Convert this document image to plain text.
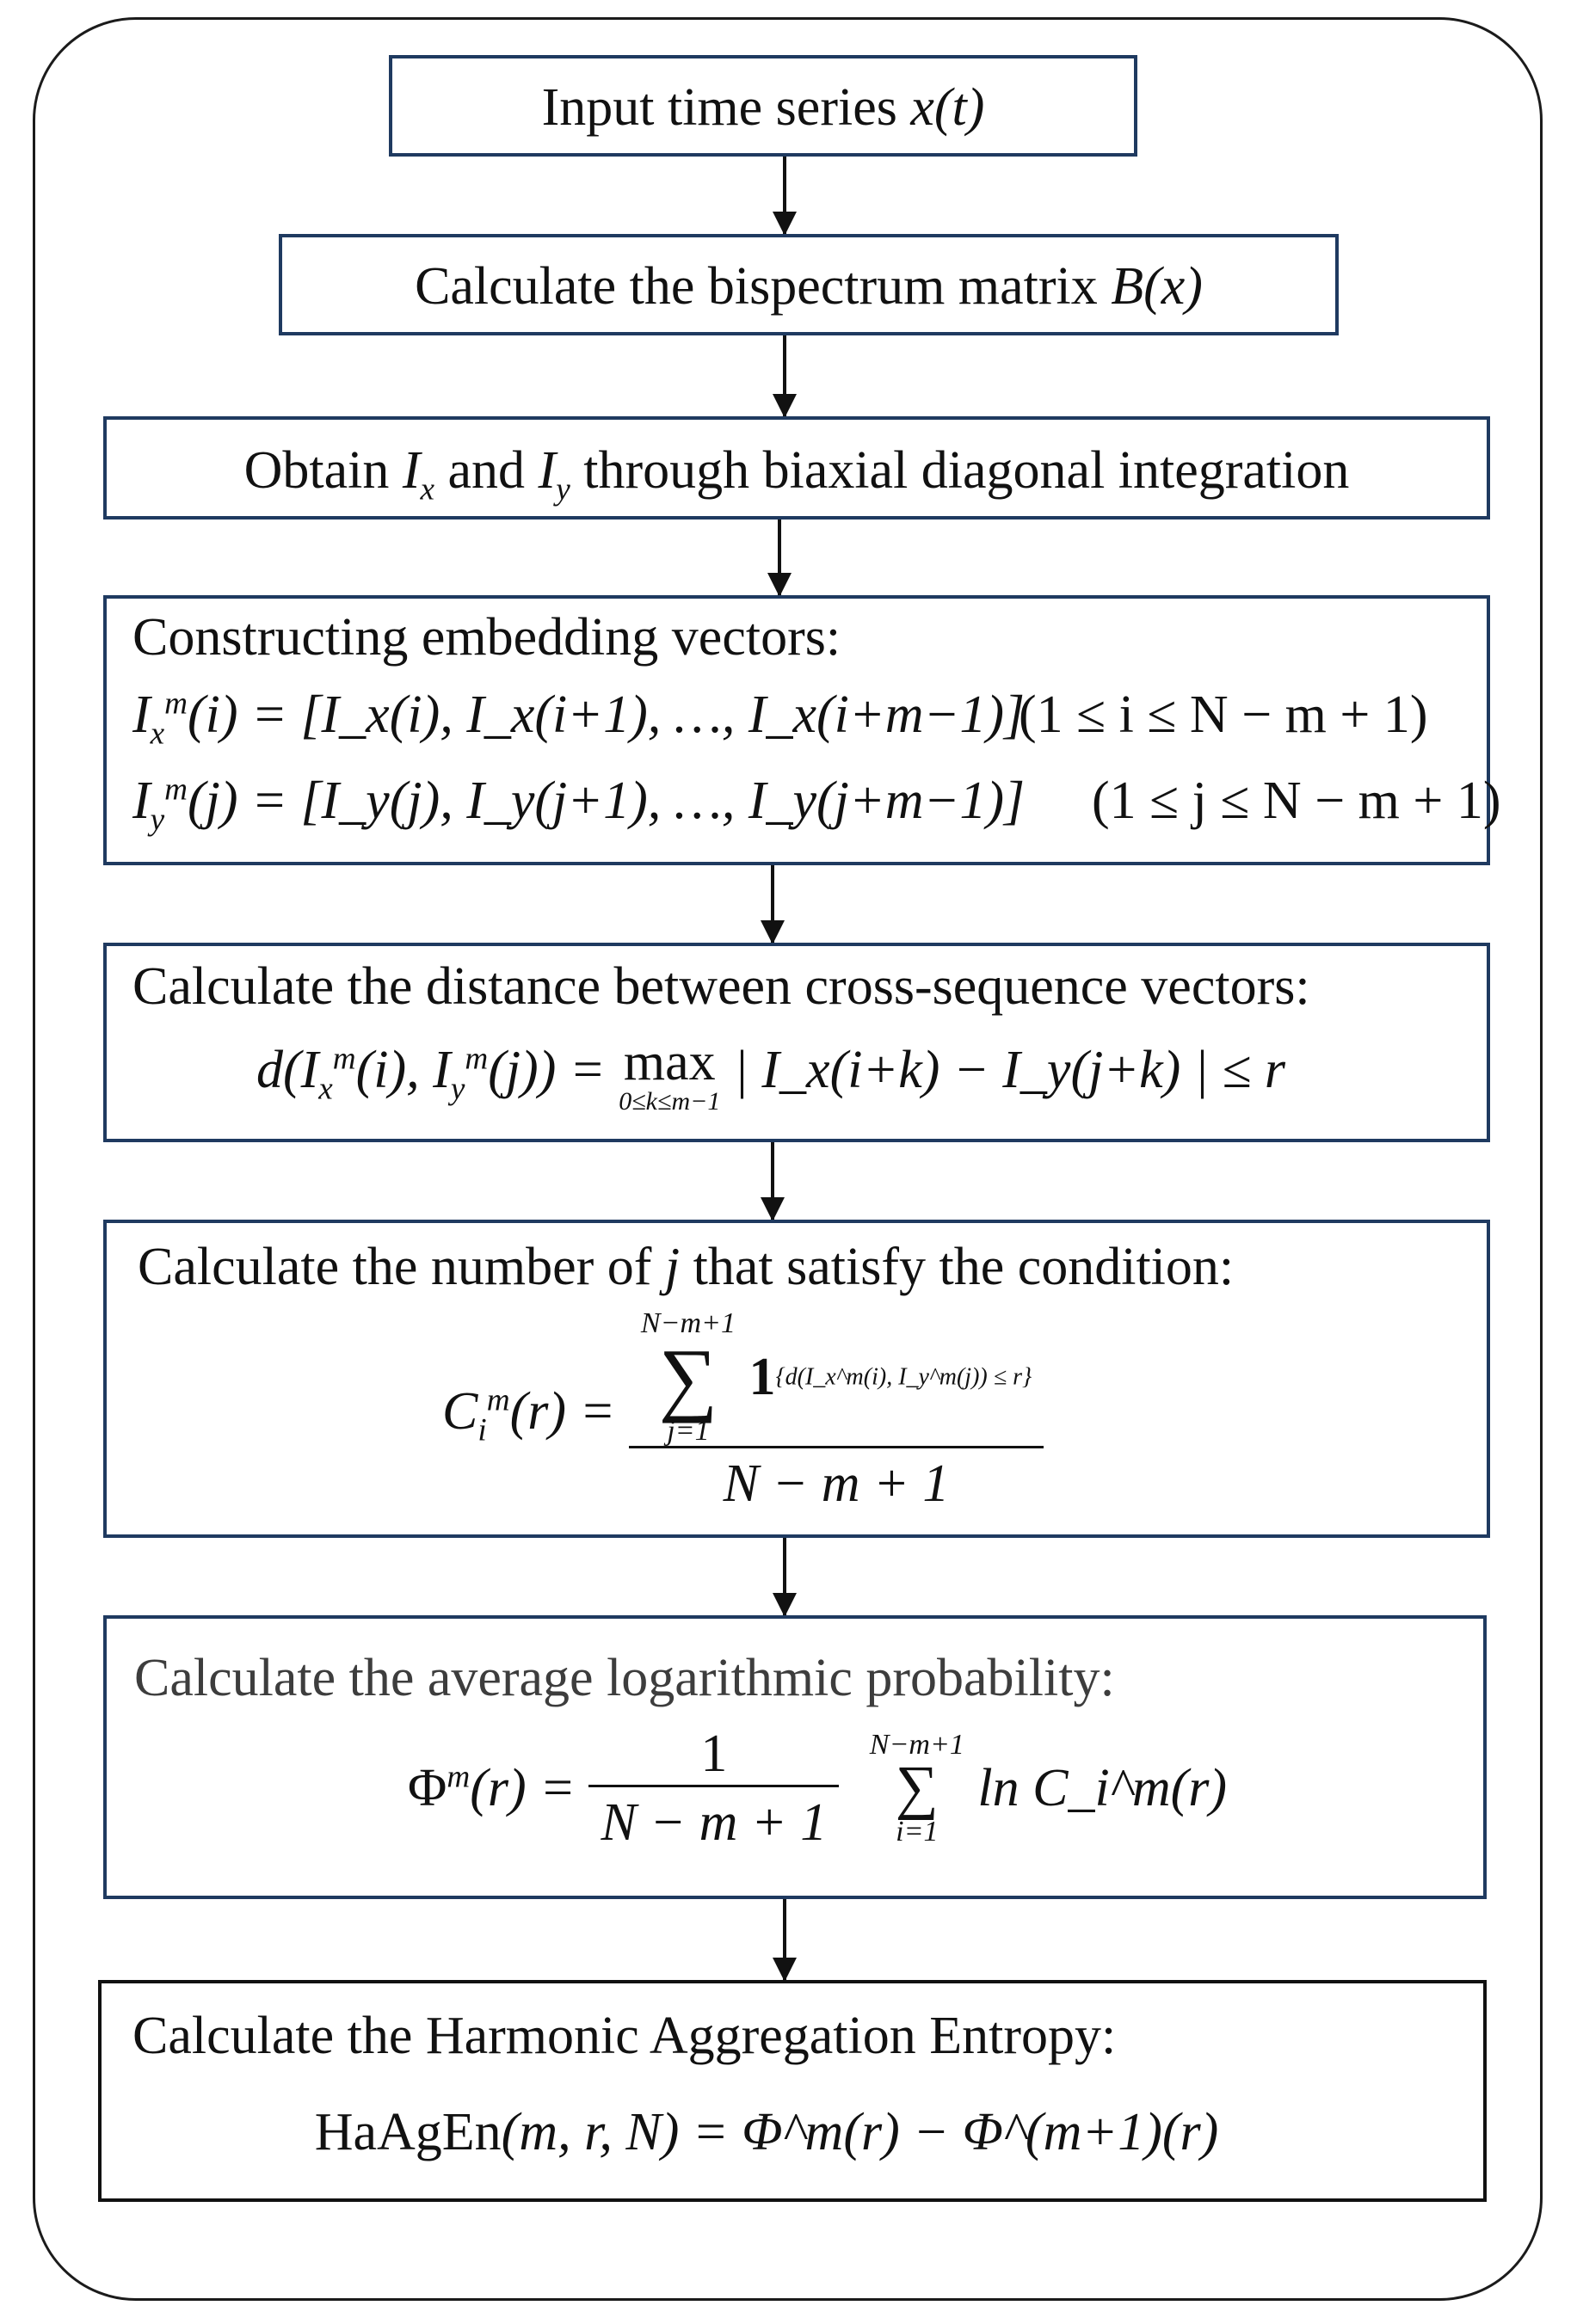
Input time series x(t)
Calculate the bispectrum matrix B(x)
Obtain $I_x$ and $I_y$ through biaxial diagonal integration
Constructing embedding vectors:
$I_x^m(i)$ = [I_x(i), I_x(i+1), …, I_x(i+m−1)]
(1 ≤ i ≤ N − m + 1)
$I_y^m(j)$ = [I_y(j), I_y(j+1), …, I_y(j+m−1)] (1 ≤ j ≤ N − m + 1)
Calculate the distance between cross-sequence vectors:
$d(I_x^m(i)$, $I_y^m(j)) = \max$
0≤k≤m−1
| I_x(i+k) − I_y(j+k) | ≤ r
Calculate the number of j that satisfy the condition:
$C_i^m(r)$ =
N−m+1
∑
j=1
1{d(I_x^m(i), I_y^m(j)) ≤ r}
N − m + 1
Calculate the average logarithmic probability:
$\Phi^m(r) = \frac{1}{N - m + 1}$
N−m+1
∑
i=1
ln C_i^m(r)
Calculate the Harmonic Aggregation Entropy:
HaAgEn(m, r, N) = Φ^m(r) − Φ^(m+1)(r)
